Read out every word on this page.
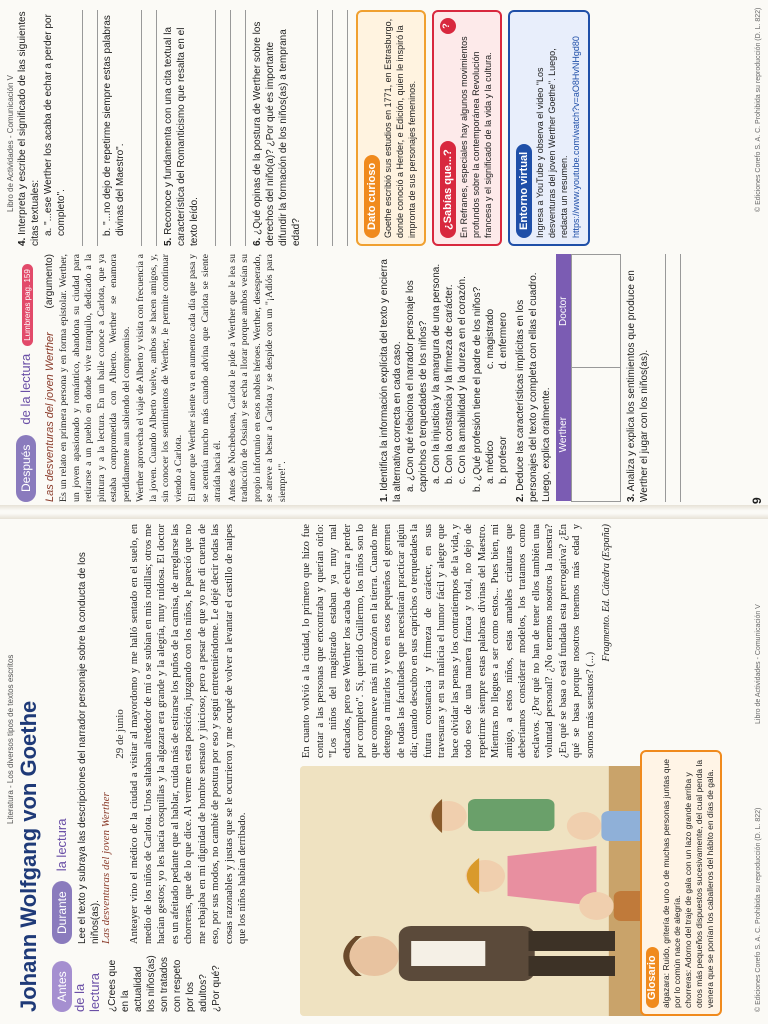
Literatura - Los diversos tipos de textos escritos Johann Wolfgang von Goethe Antes de la lectura ¿Crees que en la actualidad los niños(as) son tratados con respeto por los adultos? ¿Por qué?
Durante la lectura Lee el texto y subraya las descripciones del narrador personaje sobre la conducta de los niños(as). Las desventuras del joven Werther
29 de junio Anteayer vino el médico de la ciudad a visitar al mayordomo y me halló sentado en el suelo, en medio de los niños de Carlota. Unos saltaban alrededor de mí o se subían en mis rodillas; otros me hacían gestos; yo les hacía cosquillas y la algazara era grande y la alegría, muy ruidosa. El doctor es un afeitado pedante que al hablar, cuida más de estirarse los puños de la camisa, de arreglarse las chorreras, que de lo que dice. Al verme en esta posición, juzgando con los niños, le pareció que no me rebajaba en mi dignidad de hombre sensato y juicioso; pero a pesar de que yo me di cuenta de eso, por sus modos, no cambié de postura por eso y seguí entreteniéndome. Le dejé decir todas las cosas razonables y justas que se le ocurrieron y me ocupé de volver a levantar el castillo de naipes que los niños habían derribado.

En cuanto volvió a la ciudad, lo primero que hizo fue contar a las personas que encontraba y querían oírlo: "Los niños del magistrado estaban ya muy mal educados, pero ese Werther los acaba de echar a perder por completo". Sí, querido Guillermo, los niños son lo que conmueve más mi corazón en la tierra. Cuando me detengo a mirarlos y veo en esos pequeños el germen de todas las facultades que necesitarán practicar algún día; cuando descubro en sus caprichos o terquedades la futura constancia y firmeza de carácter, en sus travesuras y en su malicia el humor fácil y alegre que hace olvidar las penas y los contratiempos de la vida, y todo eso de una manera franca y total, no dejo de repetirme siempre estas palabras divinas del Maestro. Mientras no llegues a ser como estos... Pues bien, mi amigo, a estos niños, estas amables criaturas que deberíamos considerar modelos, los tratamos como esclavos. ¿Por qué no han de tener ellos también una voluntad personal? ¿No tenemos nosotros la nuestra? ¿En qué se basa o está fundada esta prerrogativa? ¿En qué se basa porque nosotros tenemos más edad y somos más sensatos? (...)

Fragmento. Ed. Cátedra (España)
Glosario algazara: Ruido, gritería de uno o de muchas personas juntas que por lo común nace de alegría. chorreras: Adorno del traje de gala con un lazo grande arriba y otros más pequeños dispuestos sucesivamente, del cual penda la venera que se ponían los caballeros del hábito en días de gala.	© Ediciones Corefo S. A. C. Prohibida su reproducción (D. L. 822)
Libro de Actividades - Comunicación V
Libro de Actividades - Comunicación V
Después de la lectura Lumbreras pag. 159
Las desventuras del joven Werther
(argumento) Es un relato en primera persona y en forma epistolar. Werther, un joven apasionado y romántico, abandona su ciudad para retirarse a un pueblo en donde vive tranquilo, dedicado a la pintura y a la lectura. En un baile conoce a Carlota, que ya estaba comprometida con Alberto. Werther se enamora perdidamente aun sabiendo del compromiso. Werther aprovecha el viaje de Alberto y visita con frecuencia a la joven. Cuando Alberto vuelve, ambos se hacen amigos, y, sin conocer los sentimientos de Werther, le permite continuar viendo a Carlota. El amor que Werther siente va en aumento cada día que pasa y se acentúa mucho más cuando advina que Carlota se siente atraída hacia él. Antes de Nochebuena, Carlota le pide a Werther que le lea su traducción de Ossian y se echa a llorar porque ambos veían su propio infortunio en esos nobles héroes. Werther, desesperado, se atreve a besar a Carlota y se despide con un "¡Adiós para siempre!".	1. Identifica la información explícita del texto y encierra la alternativa correcta en cada caso. a. ¿Con qué relaciona el narrador personaje los caprichos o terquedades de los niños? a. Con la injusticia y la amargura de una persona. b. Con la constancia y la firmeza de carácter. c. Con la amabilidad y la dureza en el corazón. b. ¿Qué profesión tiene el padre de los niños? a. médico
c. magistrado
b. profesor
d. enfermero
2. Deduce las características implícitas en los personajes del texto y completa con ellas el cuadro. Luego, explica oralmente. Werther	Doctor

3. Analiza y explica los sentimientos que produce en Werther el jugar con los niños(as).
4. Interpreta y escribe el significado de las siguientes citas textuales: a. "...ese Werther los acaba de echar a perder por completo".	b. "...no dejo de repetirme siempre estas palabras divinas del Maestro".
5. Reconoce y fundamenta con una cita textual la característica del Romanticismo que resalta en el texto leído.	6. ¿Qué opinas de la postura de Werther sobre los derechos del niño(a)? ¿Por qué es importante difundir la formación de los niños(as) a temprana edad?
Dato curioso Goethe escribió sus estudios en 1771, en Estrasburgo, donde conoció a Herder, e Edición, quien le inspiró la impronta de sus personajes femeninos.	¿Sabías que...?
?
En Refranes, especiales hay algunos movimientos profundos sobre la contemporánea Revolución francesa y el significado de la vida y la cultura.	Entorno virtual Ingresa a YouTube y observa el video "Los desventuras del joven Werther Goethe". Luego, redacta un resumen. https://www.youtube.com/watch?v=aO8HvNHgd80
9
© Ediciones Corefo S. A. C. Prohibida su reproducción (D. L. 822)
